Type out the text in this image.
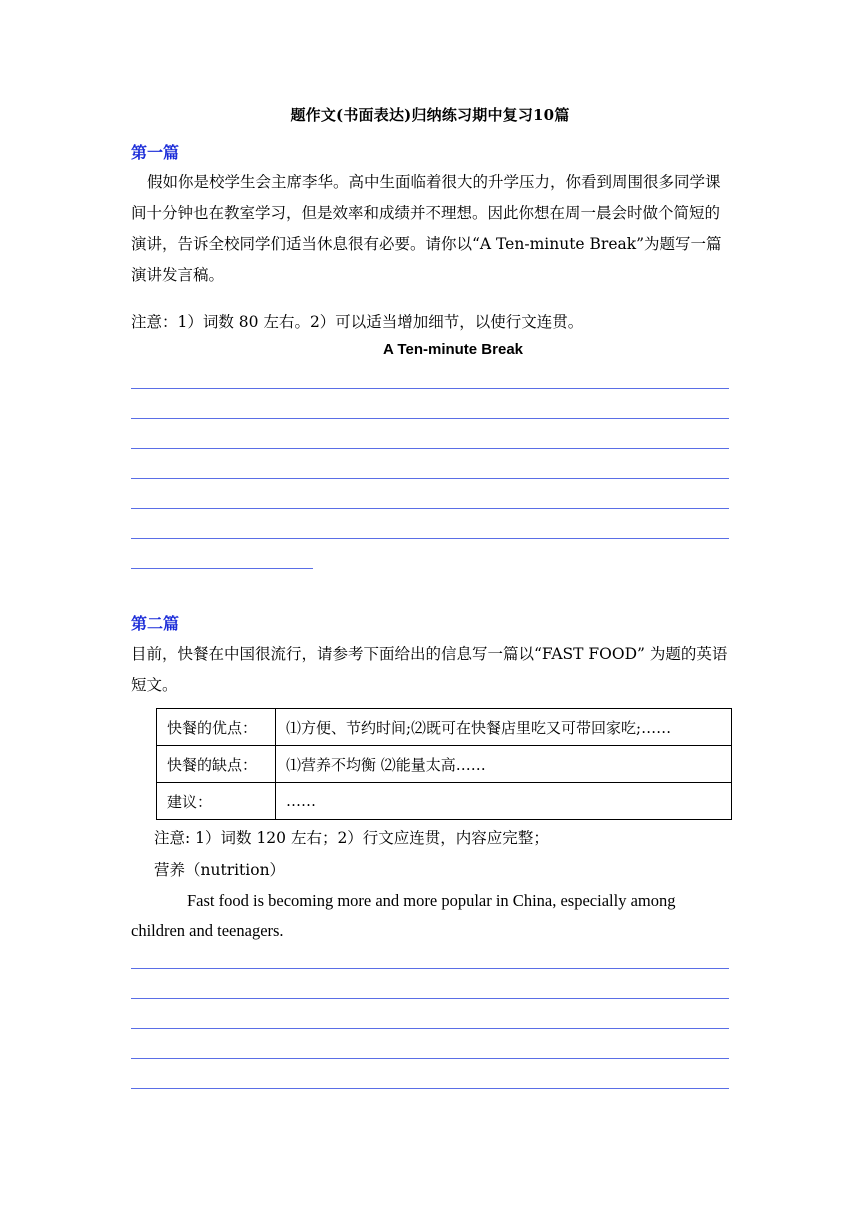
题作文(书面表达)归纳练习期中复习10篇
第一篇
假如你是校学生会主席李华。高中生面临着很大的升学压力，你看到周围很多同学课间十分钟也在教室学习，但是效率和成绩并不理想。因此你想在周一晨会时做个简短的演讲，告诉全校同学们适当休息很有必要。请你以“A Ten-minute Break”为题写一篇演讲发言稿。
注意：1）词数 80 左右。2）可以适当增加细节，以使行文连贯。
A Ten-minute Break
第二篇
目前，快餐在中国很流行，请参考下面给出的信息写一篇以“FAST FOOD” 为题的英语短文。
快餐的优点：	⑴方便、节约时间;⑵既可在快餐店里吃又可带回家吃;……
快餐的缺点：	⑴营养不均衡 ⑵能量太高……
建议：	……
注意: 1）词数 120 左右；2）行文应连贯，内容应完整；
营养（nutrition）
Fast food is becoming more and more popular in China, especially among children and teenagers.
